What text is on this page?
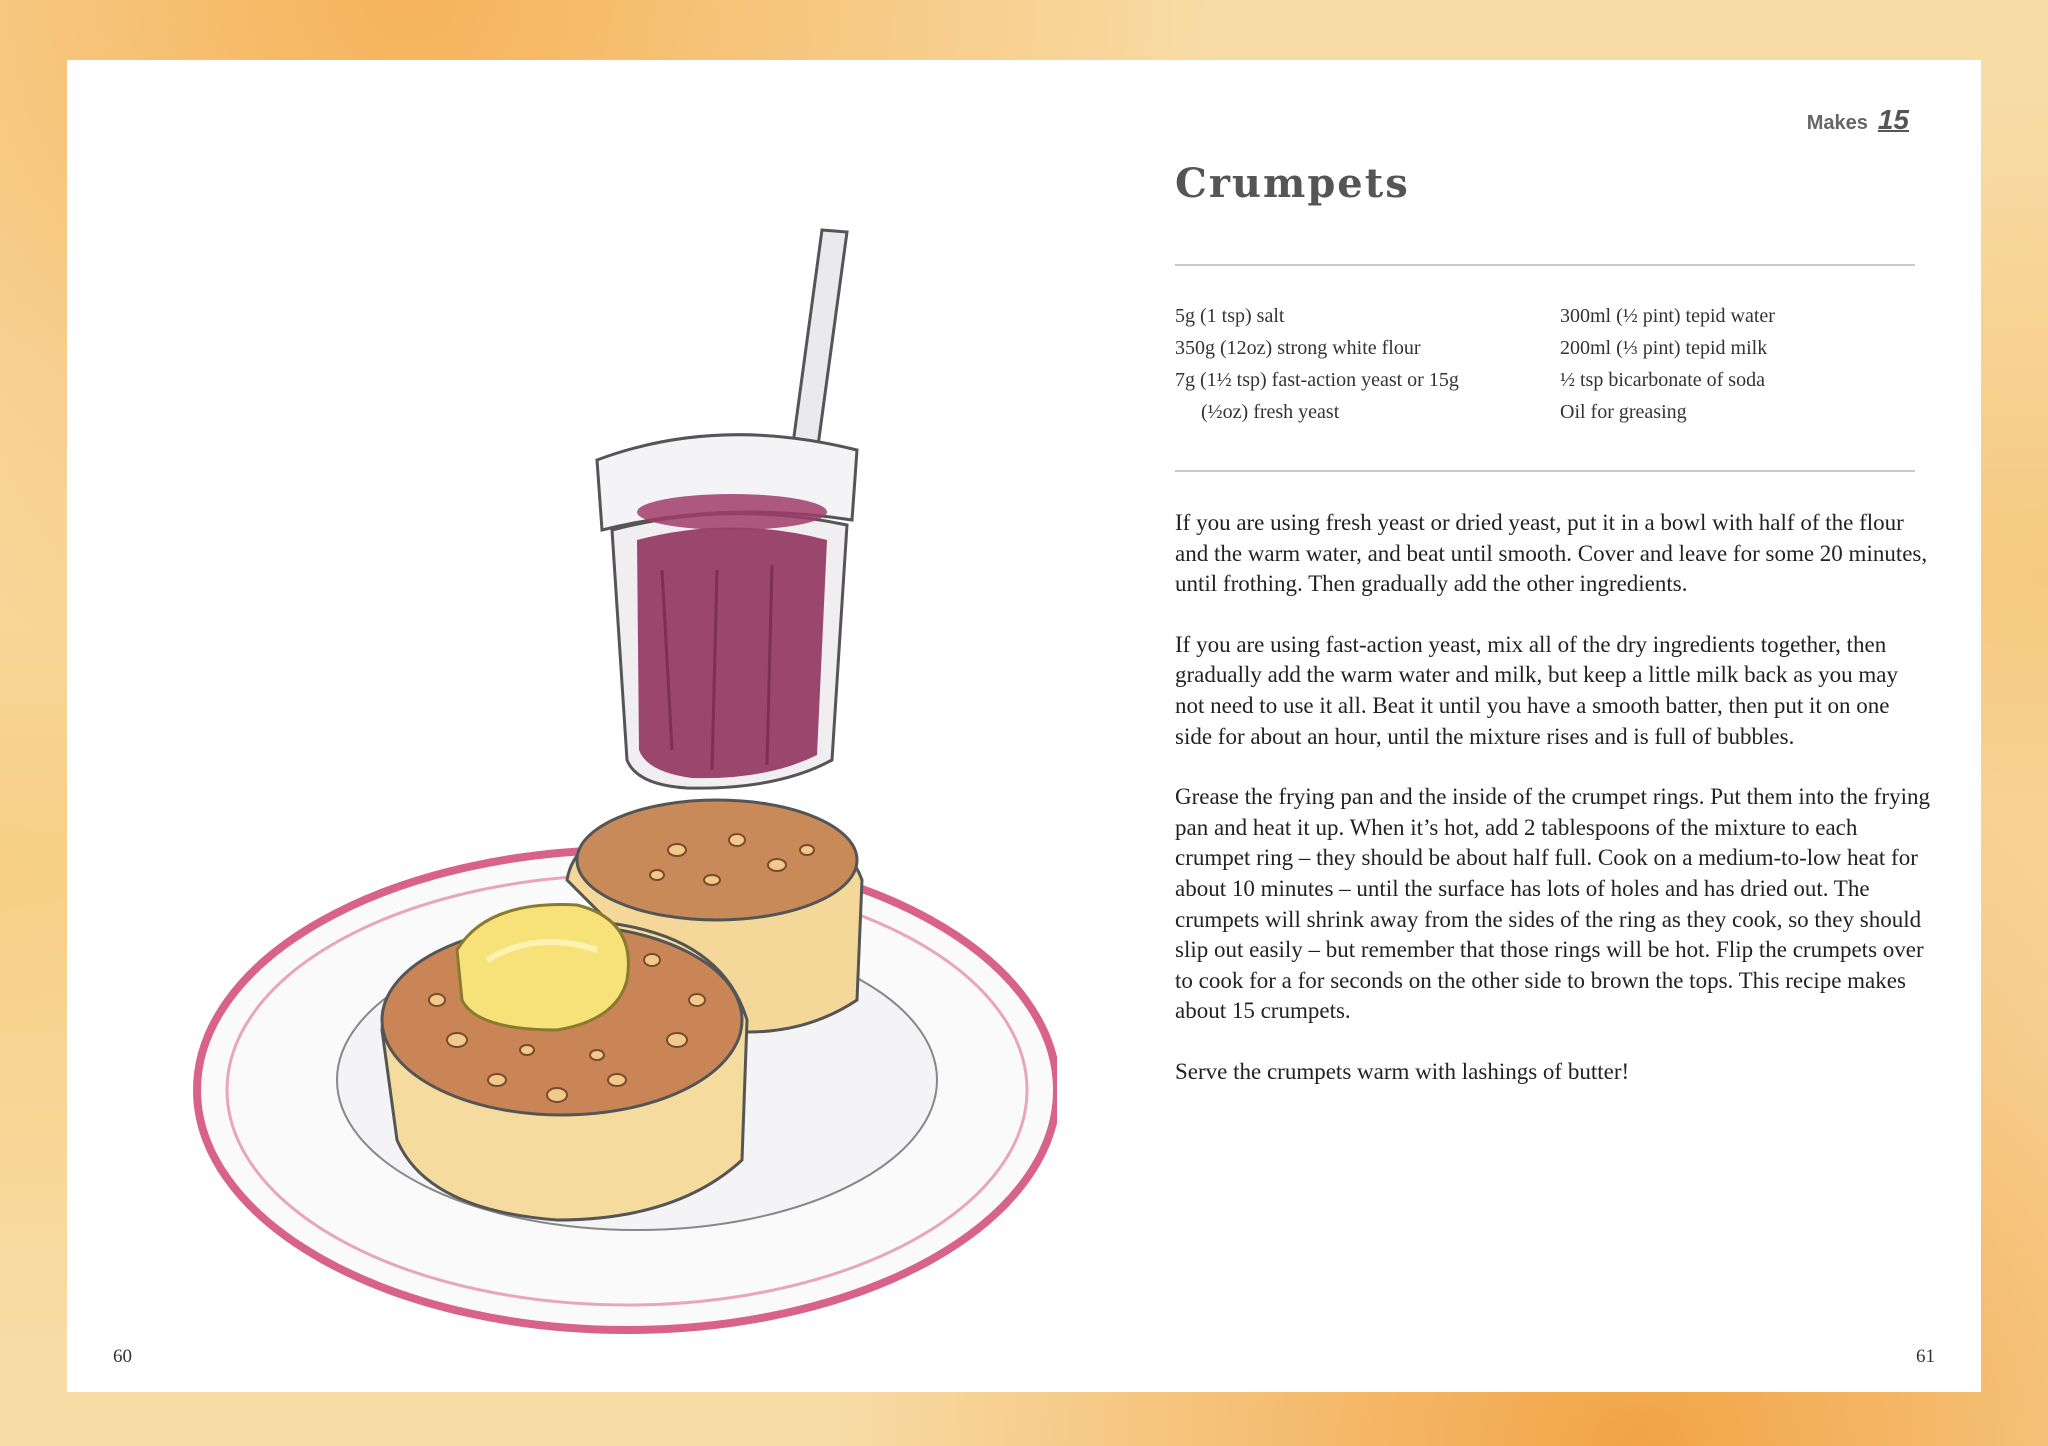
Makes 15
Crumpets
5g (1 tsp) salt
350g (12oz) strong white flour
7g (1½ tsp) fast-action yeast or 15g
(½oz) fresh yeast
300ml (½ pint) tepid water
200ml (⅓ pint) tepid milk
½ tsp bicarbonate of soda
Oil for greasing

If you are using fresh yeast or dried yeast, put it in a bowl with half of the flour and the warm water, and beat until smooth. Cover and leave for some 20 minutes, until frothing. Then gradually add the other ingredients.

If you are using fast-action yeast, mix all of the dry ingredients together, then gradually add the warm water and milk, but keep a little milk back as you may not need to use it all. Beat it until you have a smooth batter, then put it on one side for about an hour, until the mixture rises and is full of bubbles.

Grease the frying pan and the inside of the crumpet rings. Put them into the frying pan and heat it up. When it’s hot, add 2 tablespoons of the mixture to each crumpet ring – they should be about half full. Cook on a medium-to-low heat for about 10 minutes – until the surface has lots of holes and has dried out. The crumpets will shrink away from the sides of the ring as they cook, so they should slip out easily – but remember that those rings will be hot. Flip the crumpets over to cook for a for seconds on the other side to brown the tops. This recipe makes about 15 crumpets.

Serve the crumpets warm with lashings of butter!

60	61
